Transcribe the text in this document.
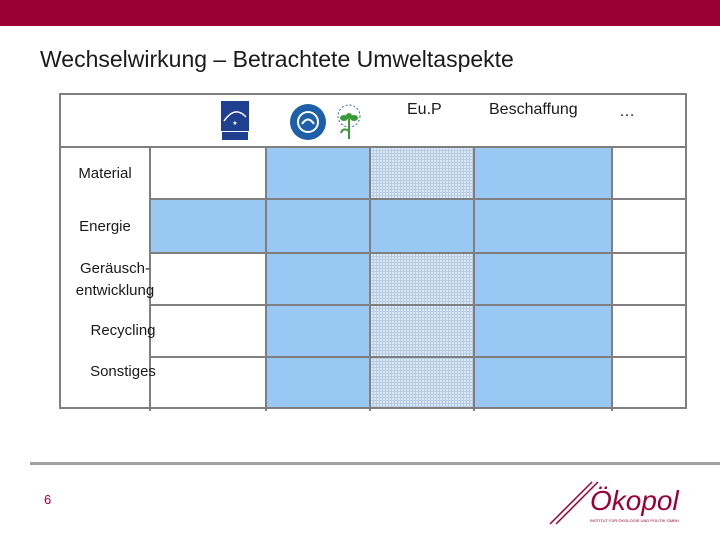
Wechselwirkung – Betrachtete Umweltaspekte
★
Eu.P	Beschaffung	…
Material
Energie
Geräusch-
entwicklung
Recycling
Sonstiges
6	Ökopol
INSTITUT FÜR ÖKOLOGIE UND POLITIK GMBH
